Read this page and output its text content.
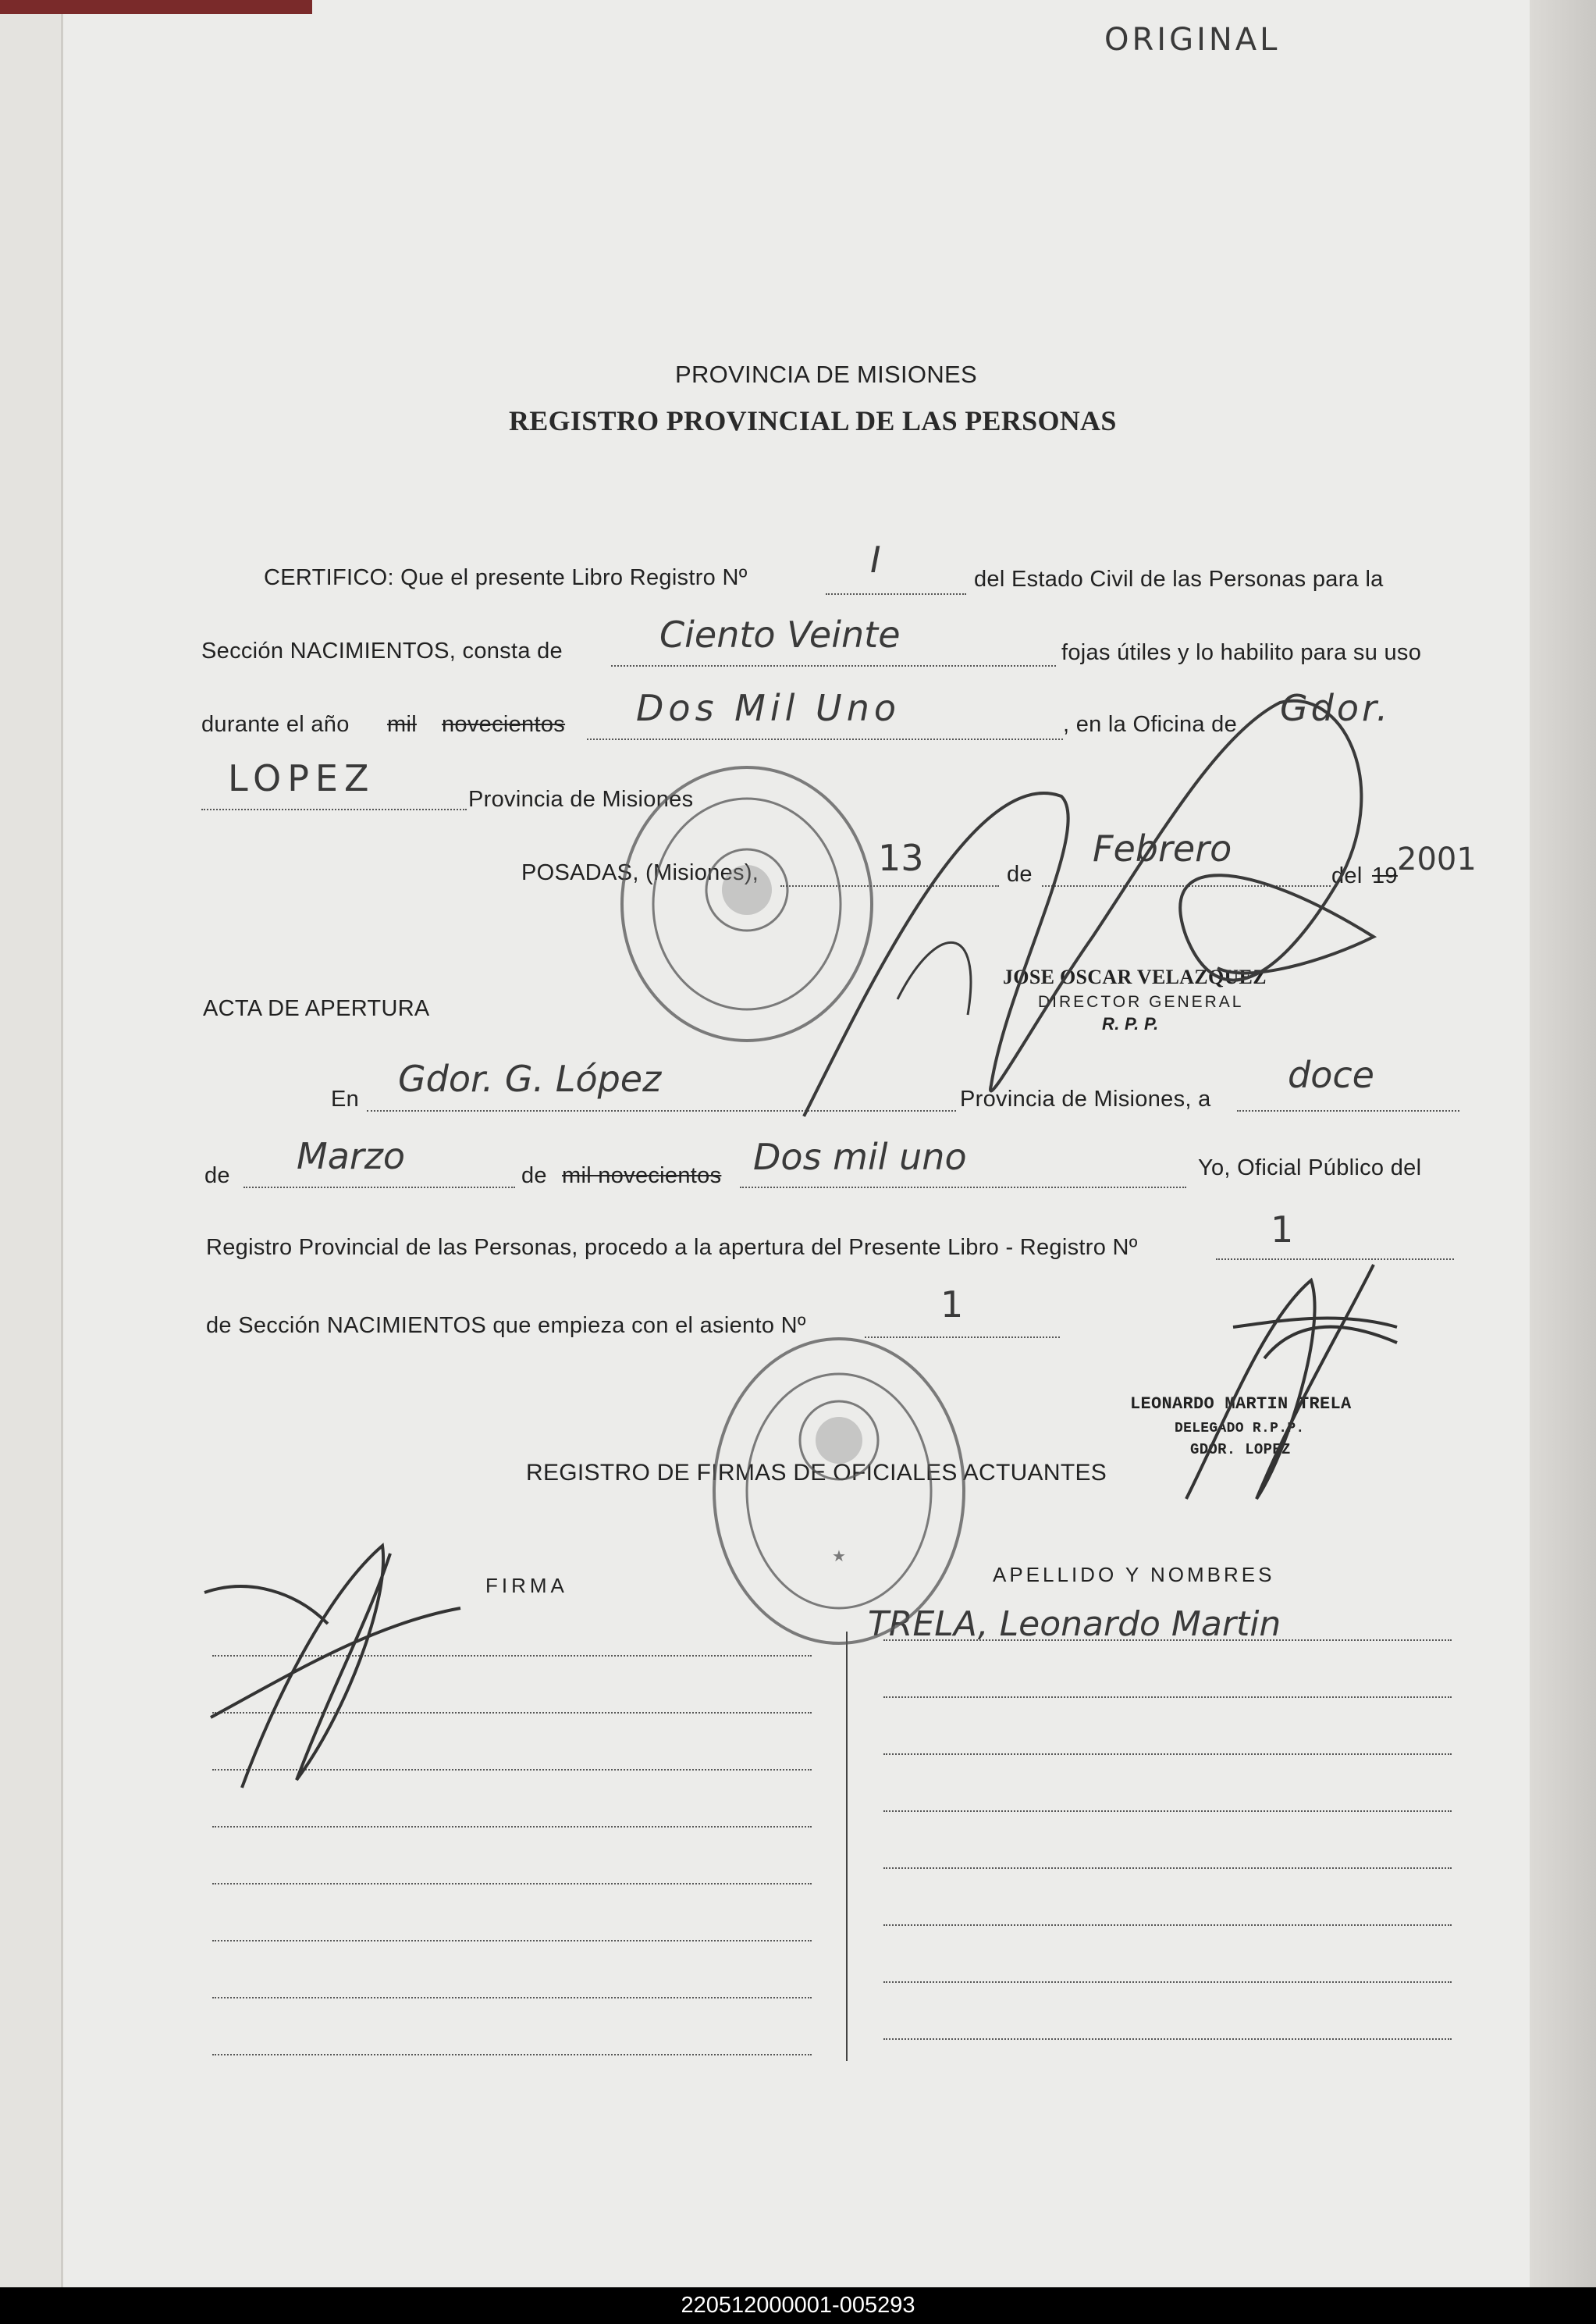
ORIGINAL
PROVINCIA DE MISIONES
REGISTRO PROVINCIAL DE LAS PERSONAS
CERTIFICO: Que el presente Libro Registro Nº	I	del Estado Civil de las Personas para la
Sección NACIMIENTOS, consta de	Ciento Veinte	fojas útiles y lo habilito para su uso
durante el año mil novecientos Dos Mil Uno	, en la Oficina de Gdor.
LOPEZ	Provincia de Misiones
POSADAS, (Misiones),	13	de
Febrero
del 19 2001
JOSE OSCAR VELAZQUEZ
DIRECTOR GENERAL
R. P. P.
ACTA DE APERTURA
En Gdor. G. López	Provincia de Misiones, a
doce
de Marzo	de mil novecientos Dos mil uno	Yo, Oficial Público del
Registro Provincial de las Personas, procedo a la apertura del Presente Libro - Registro Nº	1
de Sección NACIMIENTOS que empieza con el asiento Nº	1
LEONARDO MARTIN TRELA
DELEGADO R.P.P.
GDOR. LOPEZ
REGISTRO DE FIRMAS DE OFICIALES ACTUANTES
FIRMA	APELLIDO Y NOMBRES
TRELA, Leonardo Martin
★
220512000001-005293
